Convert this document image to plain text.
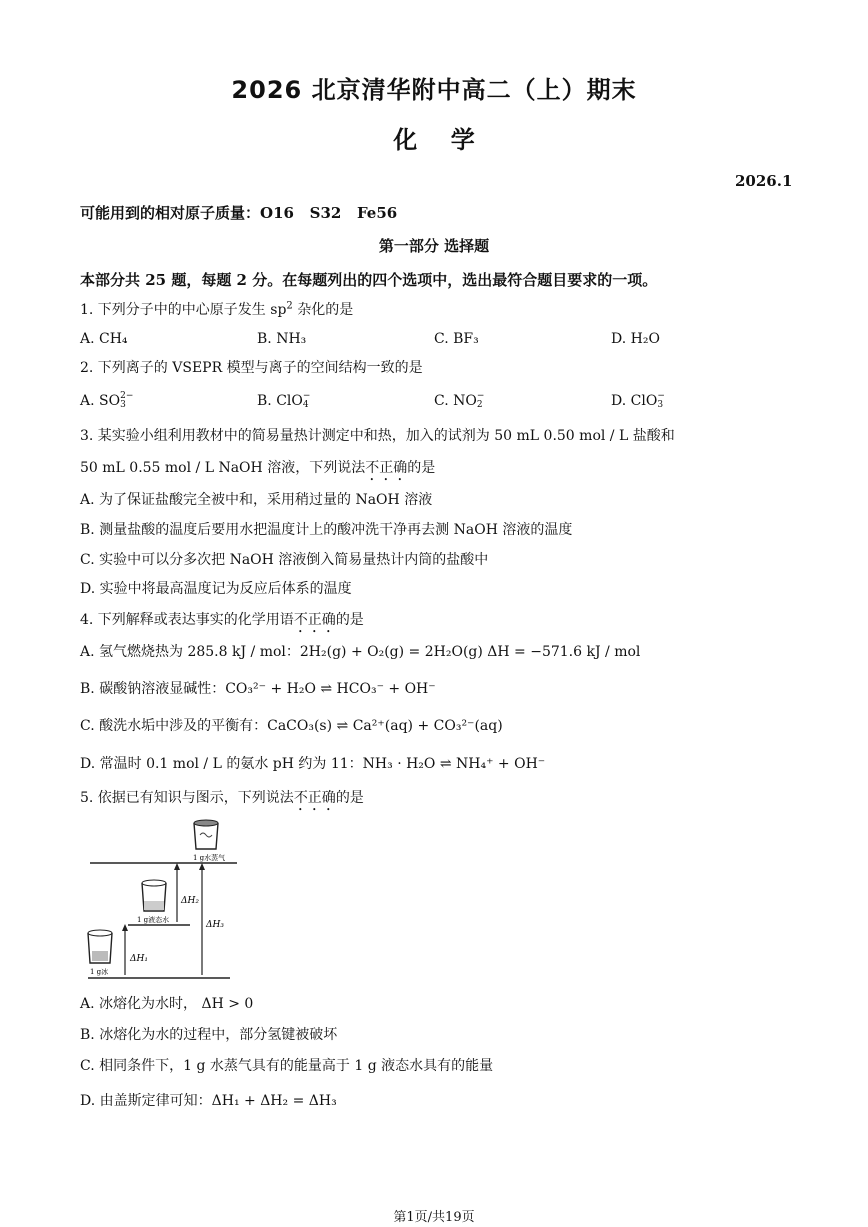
2026 北京清华附中高二（上）期末
化    学
2026.1
可能用到的相对原子质量：O16   S32   Fe56
第一部分 选择题
本部分共 25 题，每题 2 分。在每题列出的四个选项中，选出最符合题目要求的一项。
1. 下列分子中的中心原子发生 $sp^2$ 杂化的是
A. CH₄	B. NH₃	C. BF₃	D. H₂O
2. 下列离子的 VSEPR 模型与离子的空间结构一致的是
A. SO2−
3	B. ClO−
4	C. NO−
2	D. ClO−
3
3. 某实验小组利用教材中的简易量热计测定中和热，加入的试剂为 50 mL 0.50 mol / L 盐酸和
50 mL 0.55 mol / L NaOH 溶液，下列说法不正确的是
A. 为了保证盐酸完全被中和，采用稍过量的 NaOH 溶液
B. 测量盐酸的温度后要用水把温度计上的酸冲洗干净再去测 NaOH 溶液的温度
C. 实验中可以分多次把 NaOH 溶液倒入简易量热计内筒的盐酸中
D. 实验中将最高温度记为反应后体系的温度
4. 下列解释或表达事实的化学用语不正确的是
A. 氢气燃烧热为 285.8 kJ / mol：2H₂(g) + O₂(g) = 2H₂O(g) ΔH = −571.6 kJ / mol
B. 碳酸钠溶液显碱性：CO₃²⁻ + H₂O ⇌ HCO₃⁻ + OH⁻
C. 酸洗水垢中涉及的平衡有：CaCO₃(s) ⇌ Ca²⁺(aq) + CO₃²⁻(aq)
D. 常温时 0.1 mol / L 的氨水 pH 约为 11：NH₃ · H₂O ⇌ NH₄⁺ + OH⁻
5. 依据已有知识与图示，下列说法不正确的是
1 g冰
1 g液态水
1 g水蒸气
ΔH₁
ΔH₂
ΔH₃
A. 冰熔化为水时， ΔH > 0
B. 冰熔化为水的过程中，部分氢键被破坏
C. 相同条件下，1 g 水蒸气具有的能量高于 1 g 液态水具有的能量
D. 由盖斯定律可知：ΔH₁ + ΔH₂ = ΔH₃
第1页/共19页
